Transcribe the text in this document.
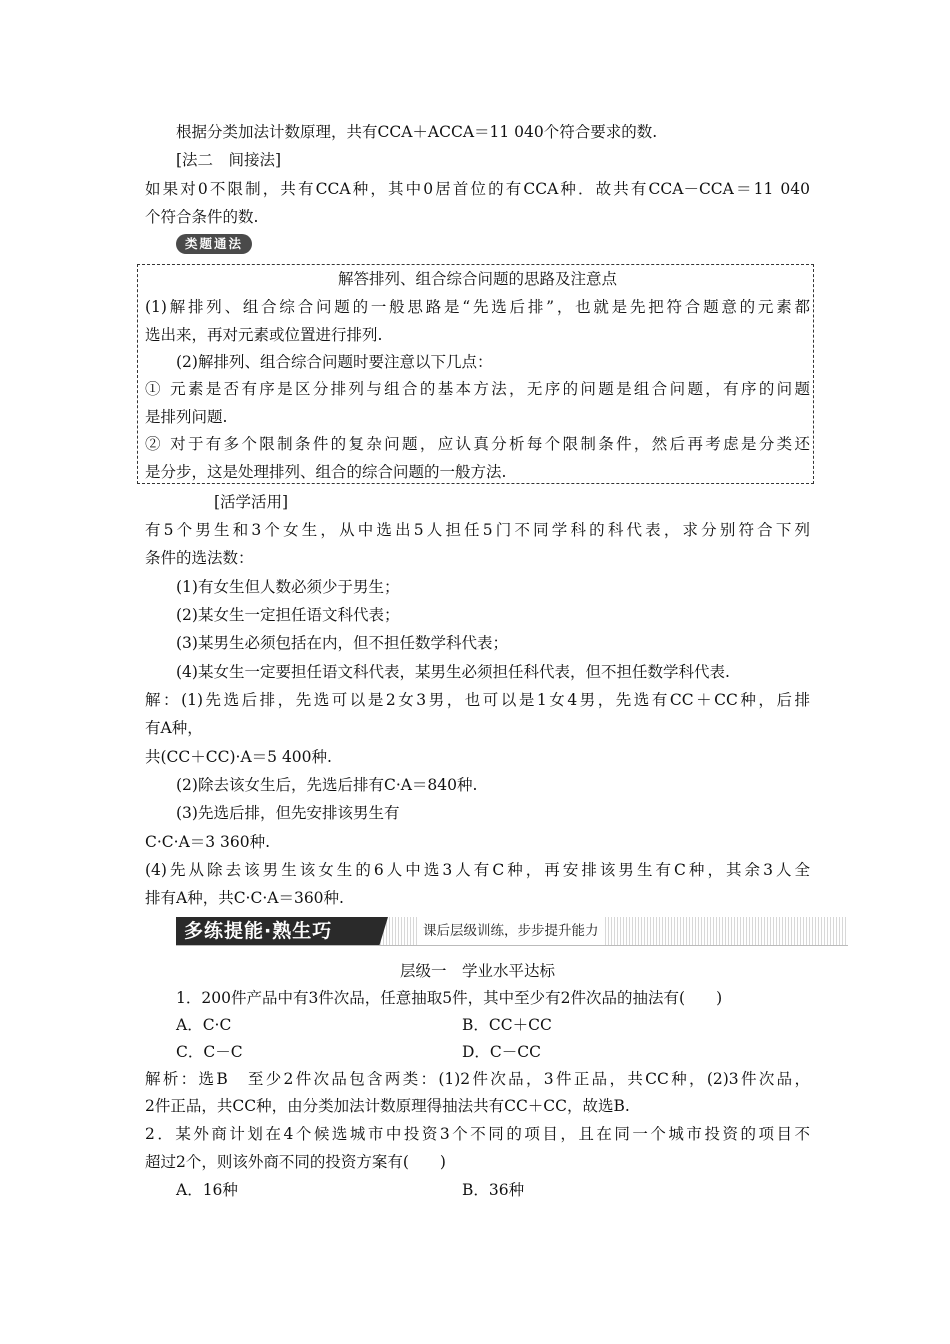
根据分类加法计数原理，共有CCA＋ACCA＝11 040个符合要求的数.
[法二　间接法]
如果对0不限制，共有CCA种，其中0居首位的有CCA种．故共有CCA－CCA＝11 040
个符合条件的数.
类题通法
解答排列、组合综合问题的思路及注意点
(1)解排列、组合综合问题的一般思路是“先选后排”，也就是先把符合题意的元素都
选出来，再对元素或位置进行排列.
(2)解排列、组合综合问题时要注意以下几点：
① 元素是否有序是区分排列与组合的基本方法，无序的问题是组合问题，有序的问题
是排列问题.
② 对于有多个限制条件的复杂问题，应认真分析每个限制条件，然后再考虑是分类还
是分步，这是处理排列、组合的综合问题的一般方法.
[活学活用]
有5个男生和3个女生，从中选出5人担任5门不同学科的科代表，求分别符合下列
条件的选法数：
(1)有女生但人数必须少于男生；
(2)某女生一定担任语文科代表；
(3)某男生必须包括在内，但不担任数学科代表；
(4)某女生一定要担任语文科代表，某男生必须担任科代表，但不担任数学科代表.
解：(1)先选后排，先选可以是2女3男，也可以是1女4男，先选有CC＋CC种，后排
有A种，
共(CC＋CC)·A＝5 400种.
(2)除去该女生后，先选后排有C·A＝840种.
(3)先选后排，但先安排该男生有
C·C·A＝3 360种.
(4)先从除去该男生该女生的6人中选3人有C种，再安排该男生有C种，其余3人全
排有A种，共C·C·A＝360种.
多练提能·熟生巧	课后层级训练，步步提升能力
层级一　学业水平达标
1．200件产品中有3件次品，任意抽取5件，其中至少有2件次品的抽法有(　　)
A．C·C	B．CC＋CC
C．C－C	D．C－CC
解析：选B　至少2件次品包含两类：(1)2件次品，3件正品，共CC种，(2)3件次品，
2件正品，共CC种，由分类加法计数原理得抽法共有CC＋CC，故选B.
2．某外商计划在4个候选城市中投资3个不同的项目，且在同一个城市投资的项目不
超过2个，则该外商不同的投资方案有(　　)
A．16种	B．36种
